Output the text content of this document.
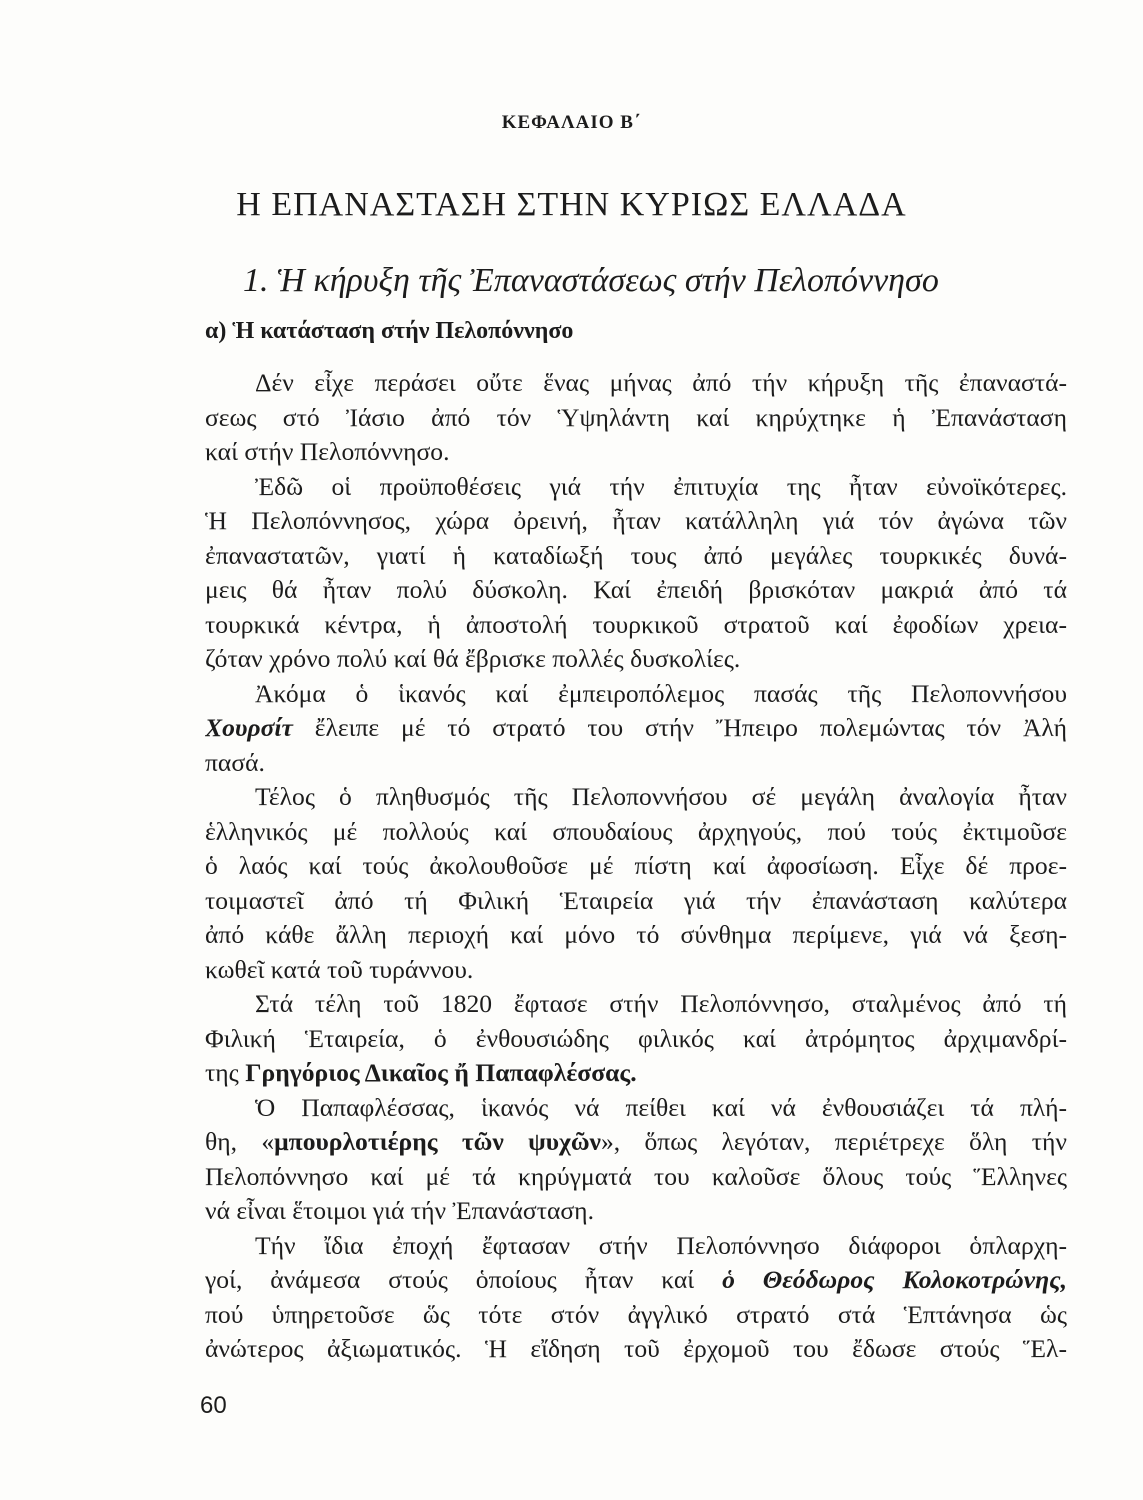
ΚΕΦΑΛΑΙΟ Β΄
Η ΕΠΑΝΑΣΤΑΣΗ ΣΤΗΝ ΚΥΡΙΩΣ ΕΛΛΑΔΑ
1. Ἡ κήρυξη τῆς Ἐπαναστάσεως στήν Πελοπόννησο
α) Ἡ κατάσταση στήν Πελοπόννησο
Δέν εἶχε περάσει οὔτε ἕνας μήνας ἀπό τήν κήρυξη τῆς ἐπαναστά-
σεως στό Ἰάσιο ἀπό τόν Ὑψηλάντη καί κηρύχτηκε ἡ Ἐπανάσταση
καί στήν Πελοπόννησο.
Ἐδῶ οἱ προϋποθέσεις γιά τήν ἐπιτυχία της ἦταν εὐνοϊκότερες.
Ἡ Πελοπόννησος, χώρα ὀρεινή, ἦταν κατάλληλη γιά τόν ἀγώνα τῶν
ἐπαναστατῶν, γιατί ἡ καταδίωξή τους ἀπό μεγάλες τουρκικές δυνά-
μεις θά ἦταν πολύ δύσκολη. Καί ἐπειδή βρισκόταν μακριά ἀπό τά
τουρκικά κέντρα, ἡ ἀποστολή τουρκικοῦ στρατοῦ καί ἐφοδίων χρεια-
ζόταν χρόνο πολύ καί θά ἔβρισκε πολλές δυσκολίες.
Ἀκόμα ὁ ἱκανός καί ἐμπειροπόλεμος πασάς τῆς Πελοποννήσου
Χουρσίτ ἔλειπε μέ τό στρατό του στήν Ἤπειρο πολεμώντας τόν Ἀλή
πασά.
Τέλος ὁ πληθυσμός τῆς Πελοποννήσου σέ μεγάλη ἀναλογία ἦταν
ἑλληνικός μέ πολλούς καί σπουδαίους ἀρχηγούς, πού τούς ἐκτιμοῦσε
ὁ λαός καί τούς ἀκολουθοῦσε μέ πίστη καί ἀφοσίωση. Εἶχε δέ προε-
τοιμαστεῖ ἀπό τή Φιλική Ἑταιρεία γιά τήν ἐπανάσταση καλύτερα
ἀπό κάθε ἄλλη περιοχή καί μόνο τό σύνθημα περίμενε, γιά νά ξεση-
κωθεῖ κατά τοῦ τυράννου.
Στά τέλη τοῦ 1820 ἔφτασε στήν Πελοπόννησο, σταλμένος ἀπό τή
Φιλική Ἑταιρεία, ὁ ἐνθουσιώδης φιλικός καί ἀτρόμητος ἀρχιμανδρί-
της Γρηγόριος Δικαῖος ἤ Παπαφλέσσας.
Ὁ Παπαφλέσσας, ἱκανός νά πείθει καί νά ἐνθουσιάζει τά πλή-
θη, «μπουρλοτιέρης τῶν ψυχῶν», ὅπως λεγόταν, περιέτρεχε ὅλη τήν
Πελοπόννησο καί μέ τά κηρύγματά του καλοῦσε ὅλους τούς Ἕλληνες
νά εἶναι ἕτοιμοι γιά τήν Ἐπανάσταση.
Τήν ἴδια ἐποχή ἔφτασαν στήν Πελοπόννησο διάφοροι ὁπλαρχη-
γοί, ἀνάμεσα στούς ὁποίους ἦταν καί ὁ Θεόδωρος Κολοκοτρώνης,
πού ὑπηρετοῦσε ὥς τότε στόν ἀγγλικό στρατό στά Ἑπτάνησα ὡς
ἀνώτερος ἀξιωματικός. Ἡ εἴδηση τοῦ ἐρχομοῦ του ἔδωσε στούς Ἕλ-
60
